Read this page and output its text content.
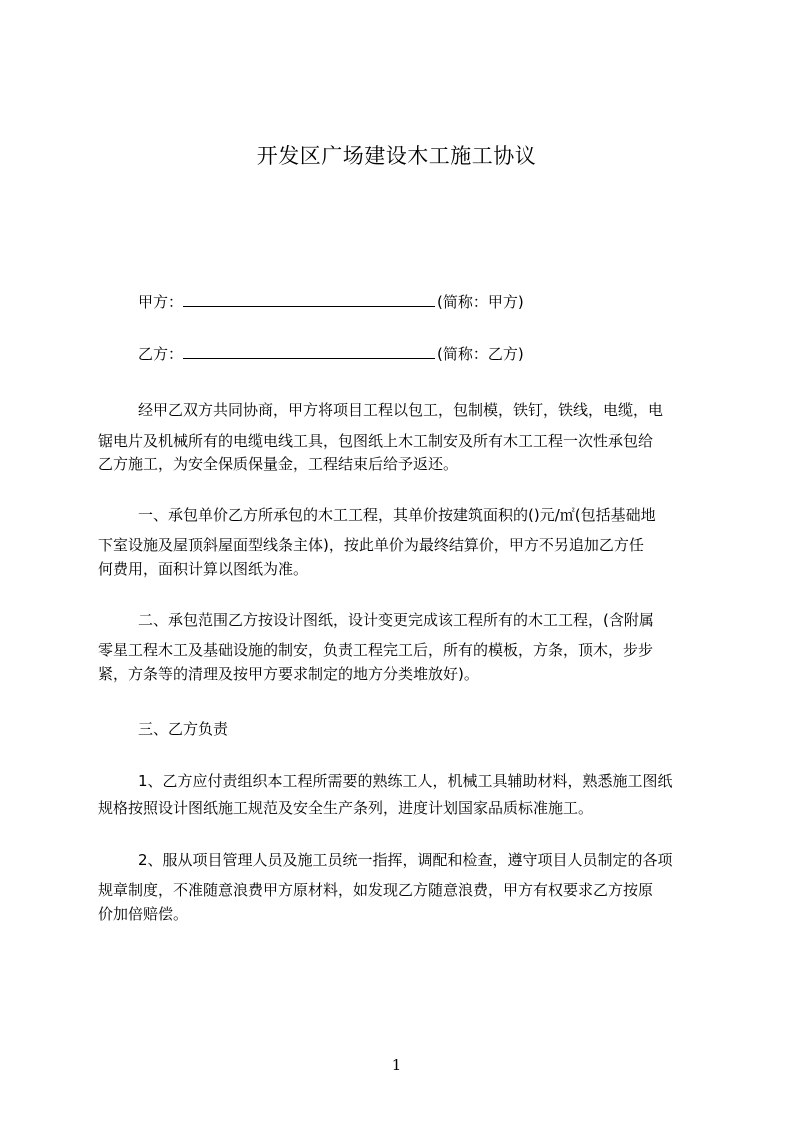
开发区广场建设木工施工协议
甲方：	(简称：甲方)
乙方：	(简称：乙方)
经甲乙双方共同协商，甲方将项目工程以包工，包制模，铁钉，铁线，电缆，电
锯电片及机械所有的电缆电线工具，包图纸上木工制安及所有木工工程一次性承包给
乙方施工，为安全保质保量金，工程结束后给予返还。
一、承包单价乙方所承包的木工工程，其单价按建筑面积的()元/㎡(包括基础地
下室设施及屋顶斜屋面型线条主体)，按此单价为最终结算价，甲方不另追加乙方任
何费用，面积计算以图纸为准。
二、承包范围乙方按设计图纸，设计变更完成该工程所有的木工工程，(含附属
零星工程木工及基础设施的制安，负责工程完工后，所有的模板，方条，顶木，步步
紧，方条等的清理及按甲方要求制定的地方分类堆放好)。
三、乙方负责
1、乙方应付责组织本工程所需要的熟练工人，机械工具辅助材料，熟悉施工图纸
规格按照设计图纸施工规范及安全生产条列，进度计划国家品质标准施工。
2、服从项目管理人员及施工员统一指挥，调配和检查，遵守项目人员制定的各项
规章制度，不准随意浪费甲方原材料，如发现乙方随意浪费，甲方有权要求乙方按原
价加倍赔偿。
1
